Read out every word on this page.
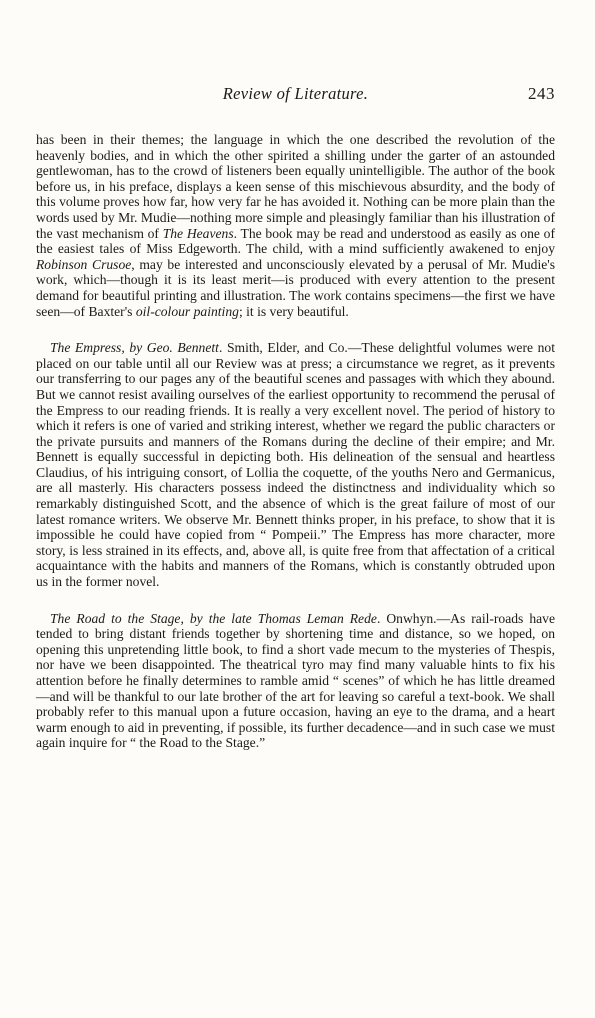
Review of Literature.	243

has been in their themes; the language in which the one described the revolution of the heavenly bodies, and in which the other spirited a shilling under the garter of an astounded gentlewoman, has to the crowd of listeners been equally unintelligible. The author of the book before us, in his preface, displays a keen sense of this mischievous absurdity, and the body of this volume proves how far, how very far he has avoided it. Nothing can be more plain than the words used by Mr. Mudie—nothing more simple and pleasingly familiar than his illustration of the vast mechanism of The Heavens. The book may be read and understood as easily as one of the easiest tales of Miss Edgeworth. The child, with a mind sufficiently awakened to enjoy Robinson Crusoe, may be interested and unconsciously elevated by a perusal of Mr. Mudie's work, which—though it is its least merit—is produced with every attention to the present demand for beautiful printing and illustration. The work contains specimens—the first we have seen—of Baxter's oil-colour painting; it is very beautiful.

The Empress, by Geo. Bennett. Smith, Elder, and Co.—These delightful volumes were not placed on our table until all our Review was at press; a circumstance we regret, as it prevents our transferring to our pages any of the beautiful scenes and passages with which they abound. But we cannot resist availing ourselves of the earliest opportunity to recommend the perusal of the Empress to our reading friends. It is really a very excellent novel. The period of history to which it refers is one of varied and striking interest, whether we regard the public characters or the private pursuits and manners of the Romans during the decline of their empire; and Mr. Bennett is equally successful in depicting both. His delineation of the sensual and heartless Claudius, of his intriguing consort, of Lollia the coquette, of the youths Nero and Germanicus, are all masterly. His characters possess indeed the distinctness and individuality which so remarkably distinguished Scott, and the absence of which is the great failure of most of our latest romance writers. We observe Mr. Bennett thinks proper, in his preface, to show that it is impossible he could have copied from “ Pompeii.” The Empress has more character, more story, is less strained in its effects, and, above all, is quite free from that affectation of a critical acquaintance with the habits and manners of the Romans, which is constantly obtruded upon us in the former novel.

The Road to the Stage, by the late Thomas Leman Rede. Onwhyn.—As rail-roads have tended to bring distant friends together by shortening time and distance, so we hoped, on opening this unpretending little book, to find a short vade mecum to the mysteries of Thespis, nor have we been disappointed. The theatrical tyro may find many valuable hints to fix his attention before he finally determines to ramble amid “ scenes” of which he has little dreamed—and will be thankful to our late brother of the art for leaving so careful a text-book. We shall probably refer to this manual upon a future occasion, having an eye to the drama, and a heart warm enough to aid in preventing, if possible, its further decadence—and in such case we must again inquire for “ the Road to the Stage.”
